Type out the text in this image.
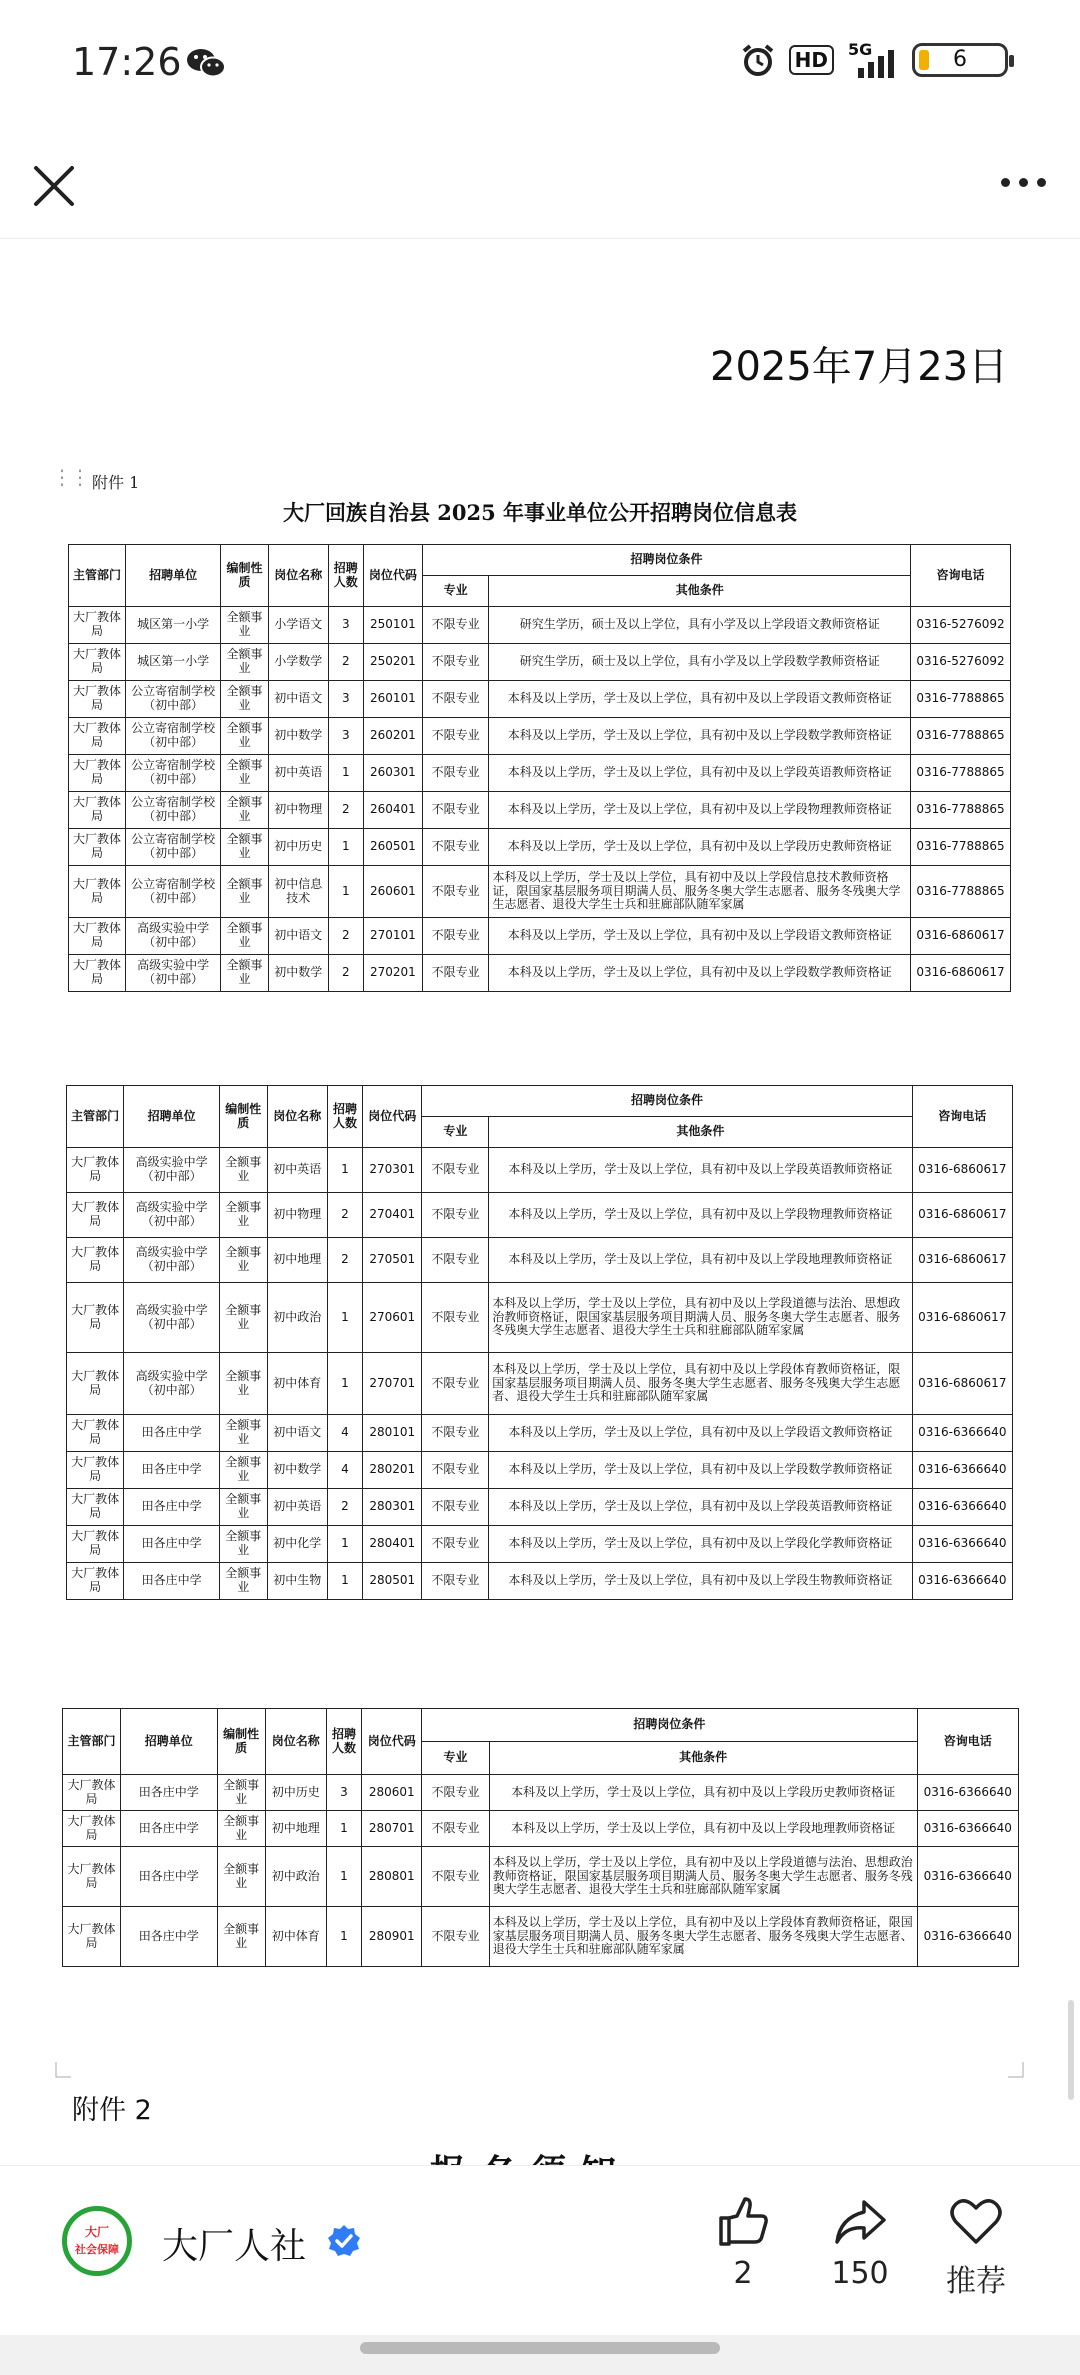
17:26	HD	5G	6
2025年7月23日
⋮⋮ 附件 1
大厂回族自治县 2025 年事业单位公开招聘岗位信息表
主管部门	招聘单位	编制性质	岗位名称	招聘人数	岗位代码	招聘岗位条件		咨询电话
						专业	其他条件	
大厂教体局	城区第一小学	全额事业	小学语文	3	250101	不限专业	研究生学历，硕士及以上学位，具有小学及以上学段语文教师资格证	0316-5276092
大厂教体局	城区第一小学	全额事业	小学数学	2	250201	不限专业	研究生学历，硕士及以上学位，具有小学及以上学段数学教师资格证	0316-5276092
大厂教体局	公立寄宿制学校（初中部）	全额事业	初中语文	3	260101	不限专业	本科及以上学历，学士及以上学位，具有初中及以上学段语文教师资格证	0316-7788865
大厂教体局	公立寄宿制学校（初中部）	全额事业	初中数学	3	260201	不限专业	本科及以上学历，学士及以上学位，具有初中及以上学段数学教师资格证	0316-7788865
大厂教体局	公立寄宿制学校（初中部）	全额事业	初中英语	1	260301	不限专业	本科及以上学历，学士及以上学位，具有初中及以上学段英语教师资格证	0316-7788865
大厂教体局	公立寄宿制学校（初中部）	全额事业	初中物理	2	260401	不限专业	本科及以上学历，学士及以上学位，具有初中及以上学段物理教师资格证	0316-7788865
大厂教体局	公立寄宿制学校（初中部）	全额事业	初中历史	1	260501	不限专业	本科及以上学历，学士及以上学位，具有初中及以上学段历史教师资格证	0316-7788865
大厂教体局	公立寄宿制学校（初中部）	全额事业	初中信息技术	1	260601	不限专业	本科及以上学历，学士及以上学位，具有初中及以上学段信息技术教师资格证，限国家基层服务项目期满人员、服务冬奥大学生志愿者、服务冬残奥大学生志愿者、退役大学生士兵和驻廊部队随军家属	0316-7788865
大厂教体局	高级实验中学（初中部）	全额事业	初中语文	2	270101	不限专业	本科及以上学历，学士及以上学位，具有初中及以上学段语文教师资格证	0316-6860617
大厂教体局	高级实验中学（初中部）	全额事业	初中数学	2	270201	不限专业	本科及以上学历，学士及以上学位，具有初中及以上学段数学教师资格证	0316-6860617
主管部门	招聘单位	编制性质	岗位名称	招聘人数	岗位代码	招聘岗位条件		咨询电话
						专业	其他条件	
大厂教体局	高级实验中学（初中部）	全额事业	初中英语	1	270301	不限专业	本科及以上学历，学士及以上学位，具有初中及以上学段英语教师资格证	0316-6860617
大厂教体局	高级实验中学（初中部）	全额事业	初中物理	2	270401	不限专业	本科及以上学历，学士及以上学位，具有初中及以上学段物理教师资格证	0316-6860617
大厂教体局	高级实验中学（初中部）	全额事业	初中地理	2	270501	不限专业	本科及以上学历，学士及以上学位，具有初中及以上学段地理教师资格证	0316-6860617
大厂教体局	高级实验中学（初中部）	全额事业	初中政治	1	270601	不限专业	本科及以上学历，学士及以上学位，具有初中及以上学段道德与法治、思想政治教师资格证，限国家基层服务项目期满人员、服务冬奥大学生志愿者、服务冬残奥大学生志愿者、退役大学生士兵和驻廊部队随军家属	0316-6860617
大厂教体局	高级实验中学（初中部）	全额事业	初中体育	1	270701	不限专业	本科及以上学历，学士及以上学位，具有初中及以上学段体育教师资格证，限国家基层服务项目期满人员、服务冬奥大学生志愿者、服务冬残奥大学生志愿者、退役大学生士兵和驻廊部队随军家属	0316-6860617
大厂教体局	田各庄中学	全额事业	初中语文	4	280101	不限专业	本科及以上学历，学士及以上学位，具有初中及以上学段语文教师资格证	0316-6366640
大厂教体局	田各庄中学	全额事业	初中数学	4	280201	不限专业	本科及以上学历，学士及以上学位，具有初中及以上学段数学教师资格证	0316-6366640
大厂教体局	田各庄中学	全额事业	初中英语	2	280301	不限专业	本科及以上学历，学士及以上学位，具有初中及以上学段英语教师资格证	0316-6366640
大厂教体局	田各庄中学	全额事业	初中化学	1	280401	不限专业	本科及以上学历，学士及以上学位，具有初中及以上学段化学教师资格证	0316-6366640
大厂教体局	田各庄中学	全额事业	初中生物	1	280501	不限专业	本科及以上学历，学士及以上学位，具有初中及以上学段生物教师资格证	0316-6366640
主管部门	招聘单位	编制性质	岗位名称	招聘人数	岗位代码	招聘岗位条件		咨询电话
						专业	其他条件	
大厂教体局	田各庄中学	全额事业	初中历史	3	280601	不限专业	本科及以上学历，学士及以上学位，具有初中及以上学段历史教师资格证	0316-6366640
大厂教体局	田各庄中学	全额事业	初中地理	1	280701	不限专业	本科及以上学历，学士及以上学位，具有初中及以上学段地理教师资格证	0316-6366640
大厂教体局	田各庄中学	全额事业	初中政治	1	280801	不限专业	本科及以上学历，学士及以上学位，具有初中及以上学段道德与法治、思想政治教师资格证，限国家基层服务项目期满人员、服务冬奥大学生志愿者、服务冬残奥大学生志愿者、退役大学生士兵和驻廊部队随军家属	0316-6366640
大厂教体局	田各庄中学	全额事业	初中体育	1	280901	不限专业	本科及以上学历，学士及以上学位，具有初中及以上学段体育教师资格证，限国家基层服务项目期满人员、服务冬奥大学生志愿者、服务冬残奥大学生志愿者、退役大学生士兵和驻廊部队随军家属	0316-6366640
附件 2
大厂
社会保障 大厂人社
2	150	推荐
